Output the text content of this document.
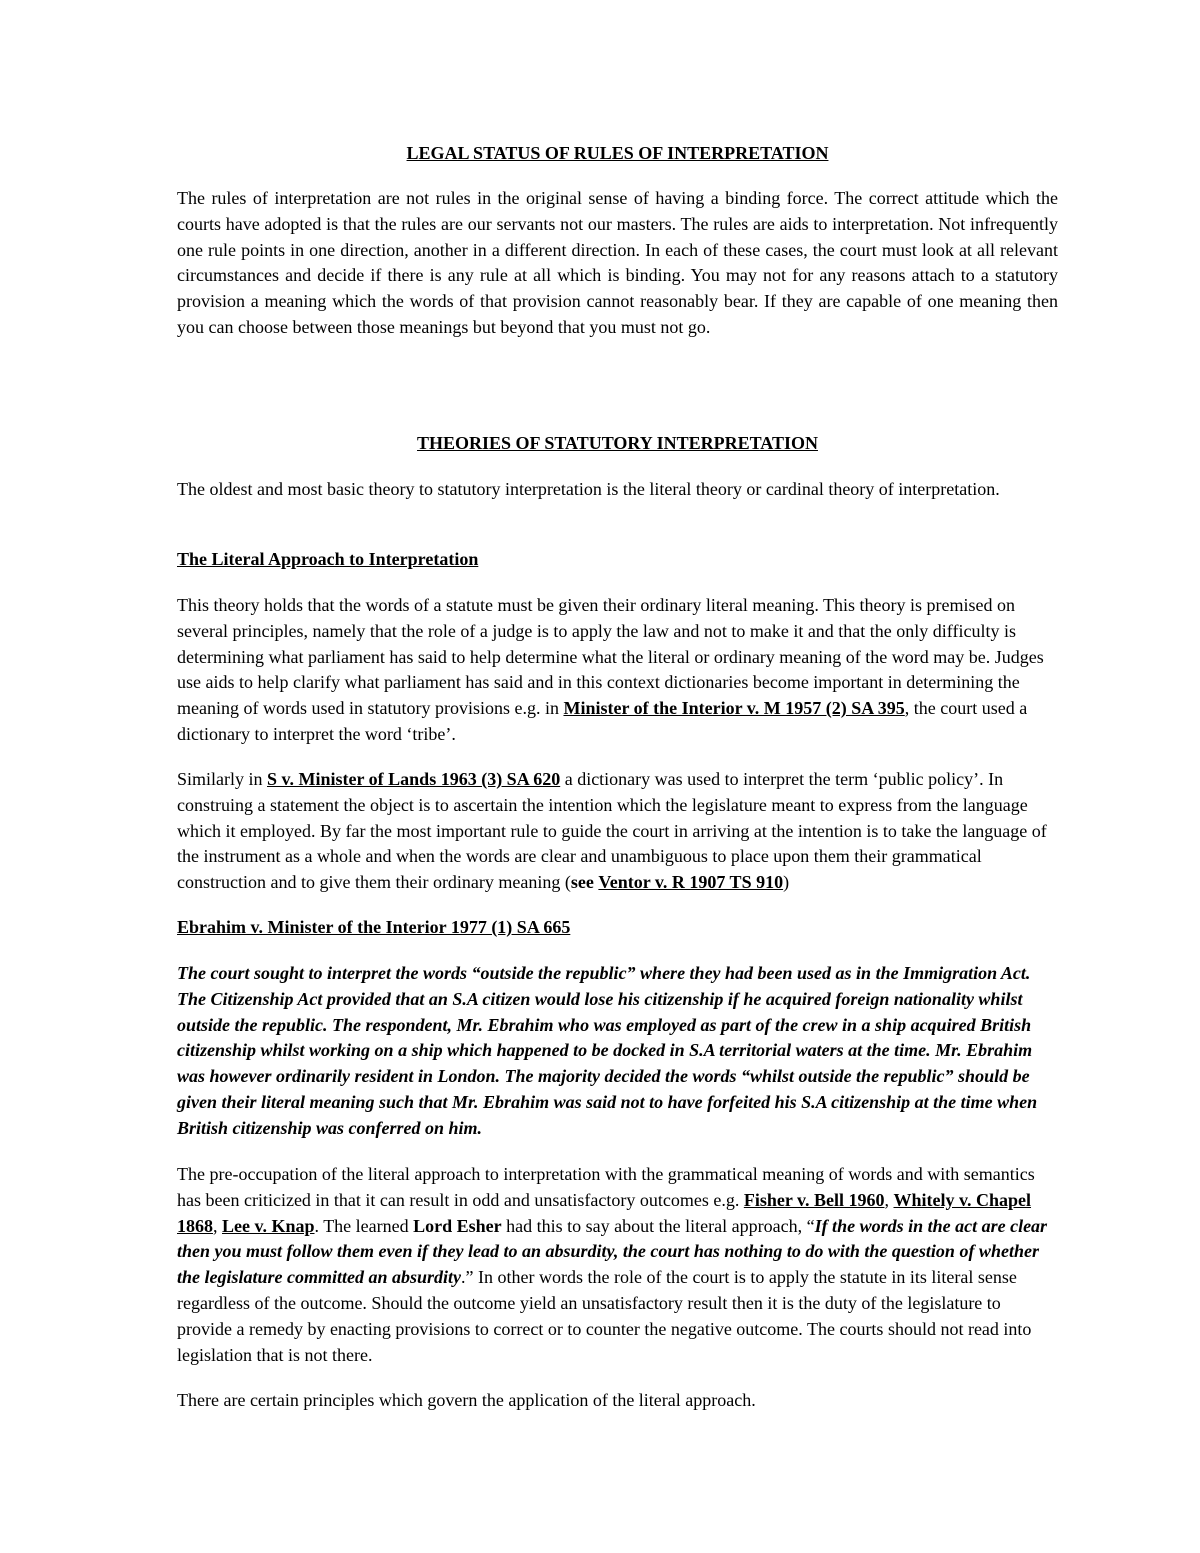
LEGAL STATUS OF RULES OF INTERPRETATION

The rules of interpretation are not rules in the original sense of having a binding force. The correct attitude which the courts have adopted is that the rules are our servants not our masters. The rules are aids to interpretation. Not infrequently one rule points in one direction, another in a different direction. In each of these cases, the court must look at all relevant circumstances and decide if there is any rule at all which is binding. You may not for any reasons attach to a statutory provision a meaning which the words of that provision cannot reasonably bear. If they are capable of one meaning then you can choose between those meanings but beyond that you must not go.

THEORIES OF STATUTORY INTERPRETATION

The oldest and most basic theory to statutory interpretation is the literal theory or cardinal theory of interpretation.

The Literal Approach to Interpretation

This theory holds that the words of a statute must be given their ordinary literal meaning. This theory is premised on several principles, namely that the role of a judge is to apply the law and not to make it and that the only difficulty is determining what parliament has said to help determine what the literal or ordinary meaning of the word may be. Judges use aids to help clarify what parliament has said and in this context dictionaries become important in determining the meaning of words used in statutory provisions e.g. in Minister of the Interior v. M 1957 (2) SA 395, the court used a dictionary to interpret the word ‘tribe’.

Similarly in S v. Minister of Lands 1963 (3) SA 620 a dictionary was used to interpret the term ‘public policy’. In construing a statement the object is to ascertain the intention which the legislature meant to express from the language which it employed. By far the most important rule to guide the court in arriving at the intention is to take the language of the instrument as a whole and when the words are clear and unambiguous to place upon them their grammatical construction and to give them their ordinary meaning (see Ventor v. R 1907 TS 910)

Ebrahim v. Minister of the Interior 1977 (1) SA 665

The court sought to interpret the words “outside the republic” where they had been used as in the Immigration Act. The Citizenship Act provided that an S.A citizen would lose his citizenship if he acquired foreign nationality whilst outside the republic. The respondent, Mr. Ebrahim who was employed as part of the crew in a ship acquired British citizenship whilst working on a ship which happened to be docked in S.A territorial waters at the time. Mr. Ebrahim was however ordinarily resident in London. The majority decided the words “whilst outside the republic” should be given their literal meaning such that Mr. Ebrahim was said not to have forfeited his S.A citizenship at the time when British citizenship was conferred on him.

The pre-occupation of the literal approach to interpretation with the grammatical meaning of words and with semantics has been criticized in that it can result in odd and unsatisfactory outcomes e.g. Fisher v. Bell 1960, Whitely v. Chapel 1868, Lee v. Knap. The learned Lord Esher had this to say about the literal approach, “If the words in the act are clear then you must follow them even if they lead to an absurdity, the court has nothing to do with the question of whether the legislature committed an absurdity.” In other words the role of the court is to apply the statute in its literal sense regardless of the outcome. Should the outcome yield an unsatisfactory result then it is the duty of the legislature to provide a remedy by enacting provisions to correct or to counter the negative outcome. The courts should not read into legislation that is not there.

There are certain principles which govern the application of the literal approach.
